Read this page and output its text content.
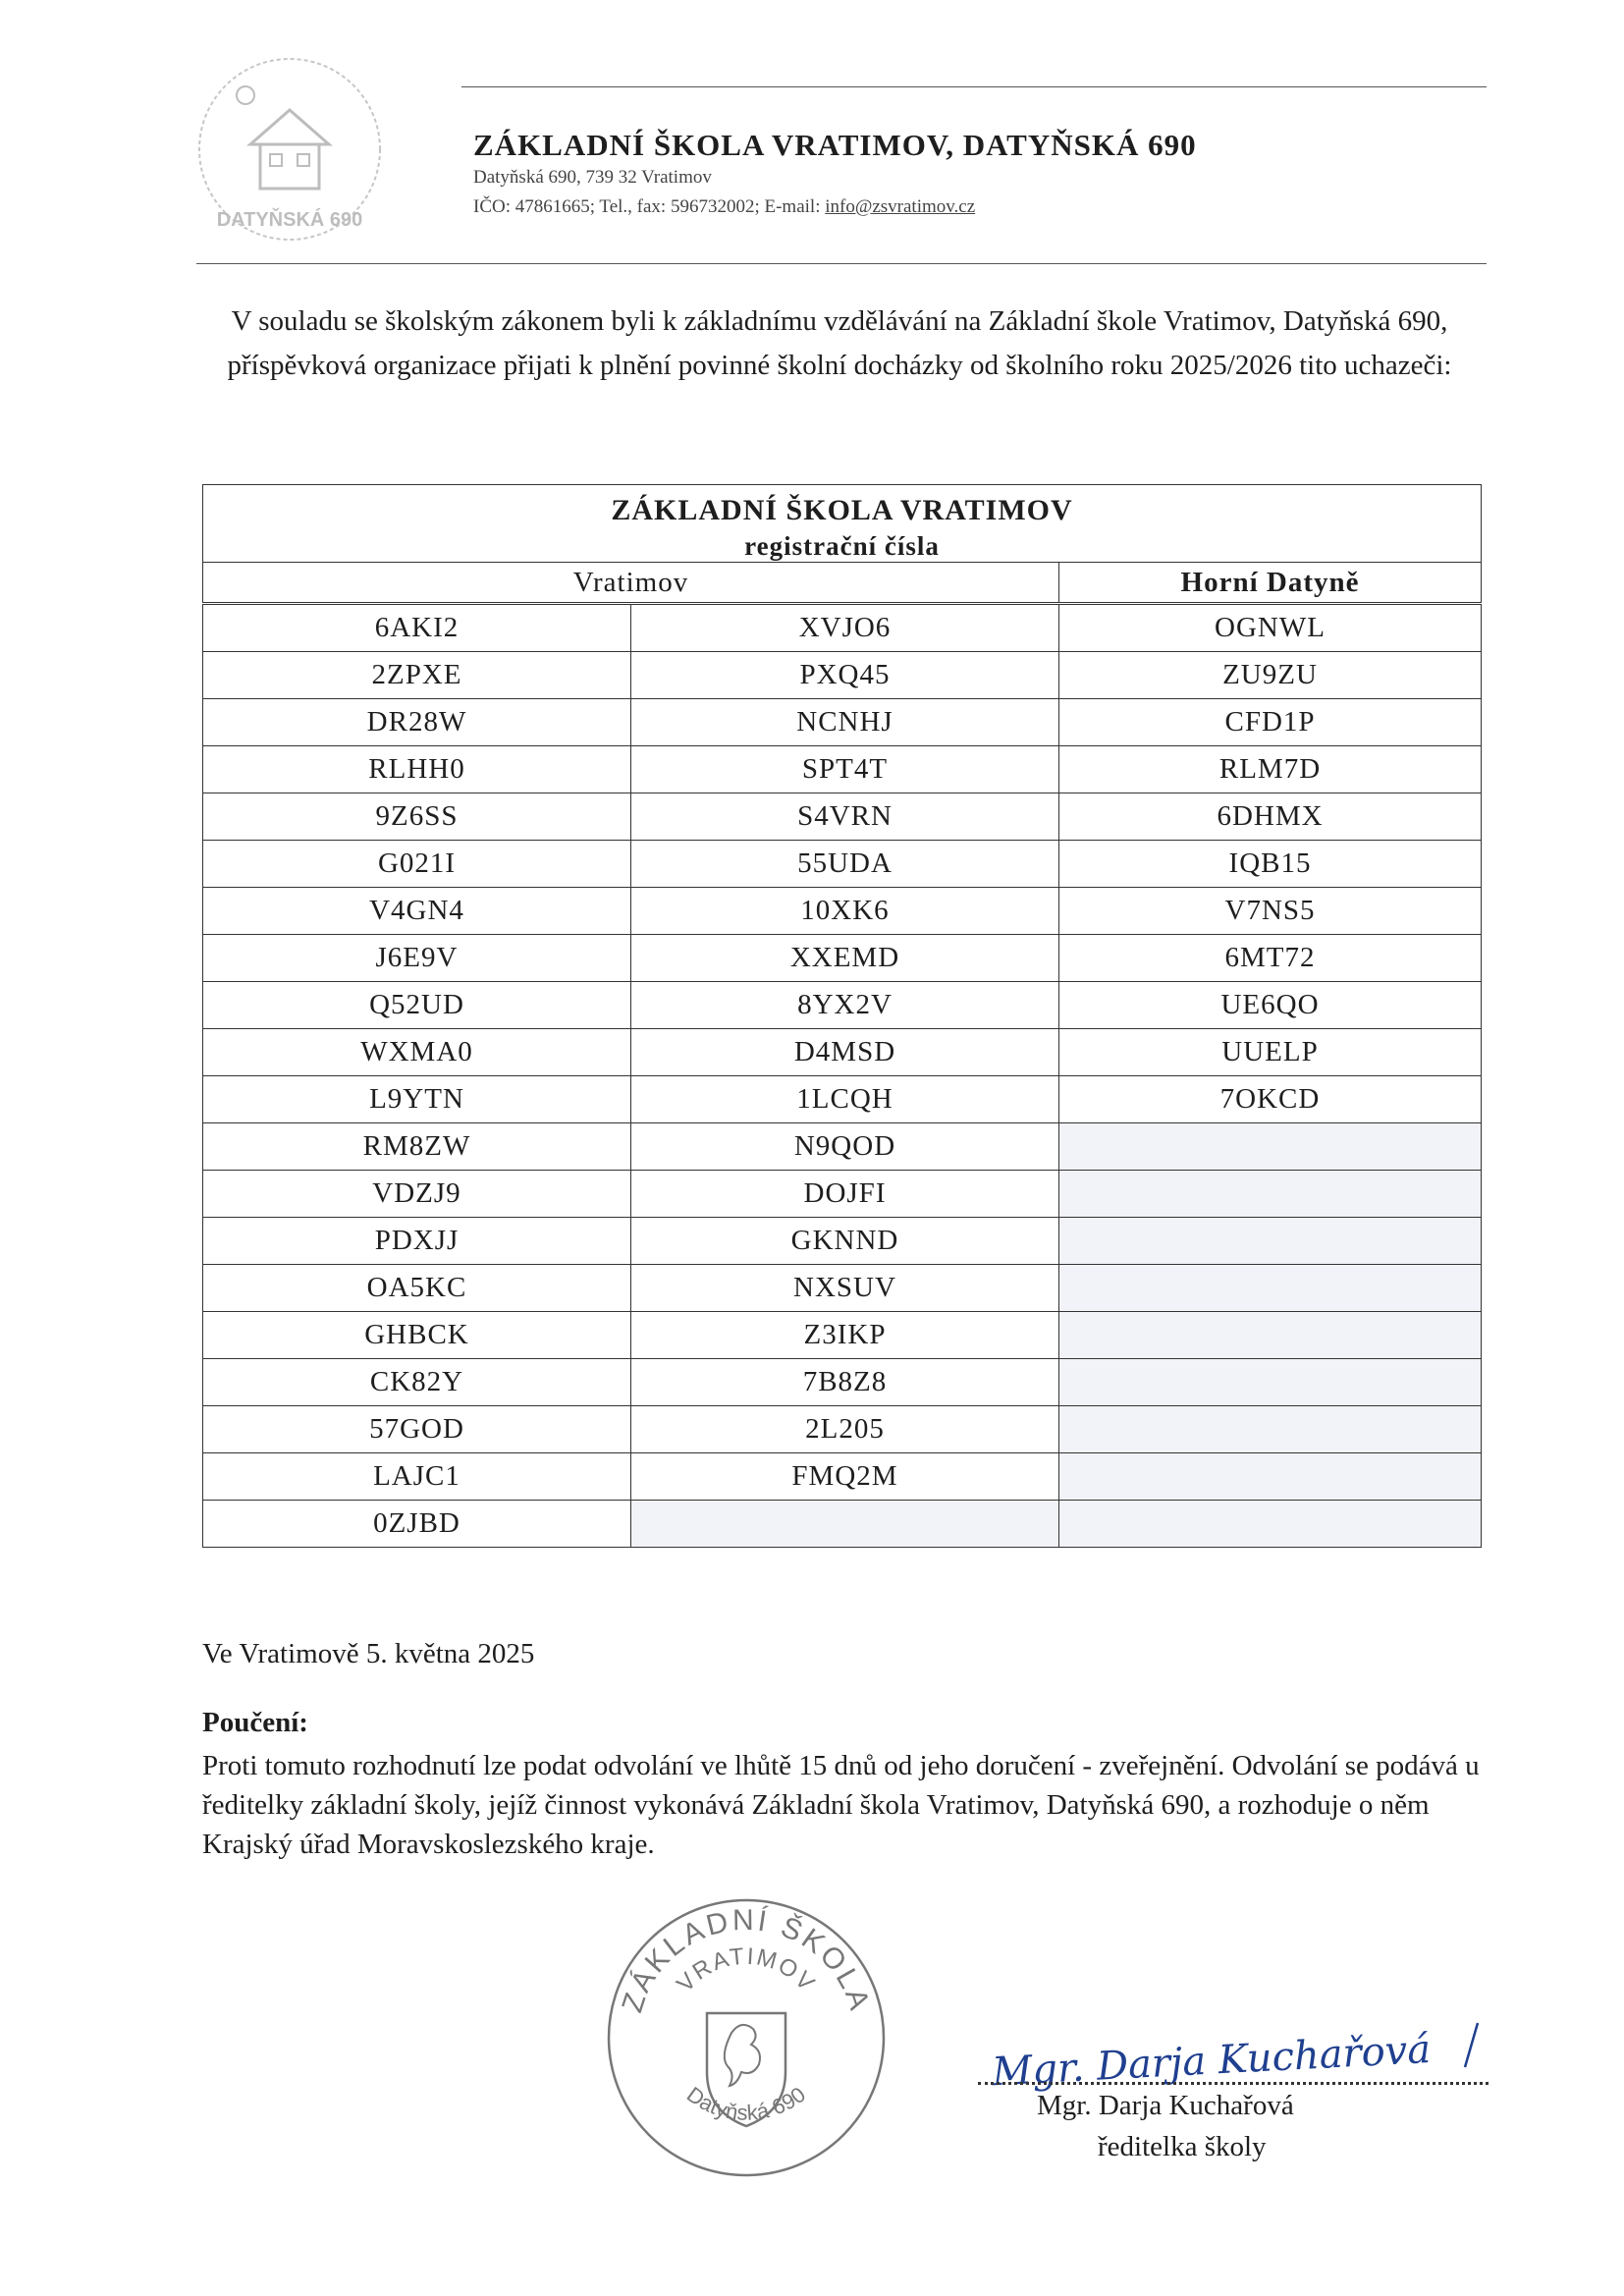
DATYŇSKÁ 690
ZÁKLADNÍ ŠKOLA VRATIMOV, DATYŇSKÁ 690
Datyňská 690, 739 32 Vratimov
IČO: 47861665; Tel., fax: 596732002; E-mail: info@zsvratimov.cz
V souladu se školským zákonem byli k základnímu vzdělávání na Základní škole Vratimov, Datyňská 690, příspěvková organizace přijati k plnění povinné školní docházky od školního roku 2025/2026 tito uchazeči:
ZÁKLADNÍ ŠKOLA VRATIMOV		
registrační čísla		
Vratimov		Horní Datyně
6AKI2	XVJO6	OGNWL
2ZPXE	PXQ45	ZU9ZU
DR28W	NCNHJ	CFD1P
RLHH0	SPT4T	RLM7D
9Z6SS	S4VRN	6DHMX
G021I	55UDA	IQB15
V4GN4	10XK6	V7NS5
J6E9V	XXEMD	6MT72
Q52UD	8YX2V	UE6QO
WXMA0	D4MSD	UUELP
L9YTN	1LCQH	7OKCD
RM8ZW	N9QOD	
VDZJ9	DOJFI	
PDXJJ	GKNND	
OA5KC	NXSUV	
GHBCK	Z3IKP	
CK82Y	7B8Z8	
57GOD	2L205	
LAJC1	FMQ2M	
0ZJBD		
Ve Vratimově 5. května 2025
Poučení:
Proti tomuto rozhodnutí lze podat odvolání ve lhůtě 15 dnů od jeho doručení - zveřejnění. Odvolání se podává u ředitelky základní školy, jejíž činnost vykonává Základní škola Vratimov, Datyňská 690, a rozhoduje o něm Krajský úřad Moravskoslezského kraje.
ZÁKLADNÍ ŠKOLA
VRATIMOV
Datyňská 690
Mgr. Darja Kuchařová
Mgr. Darja Kuchařová
ředitelka školy
